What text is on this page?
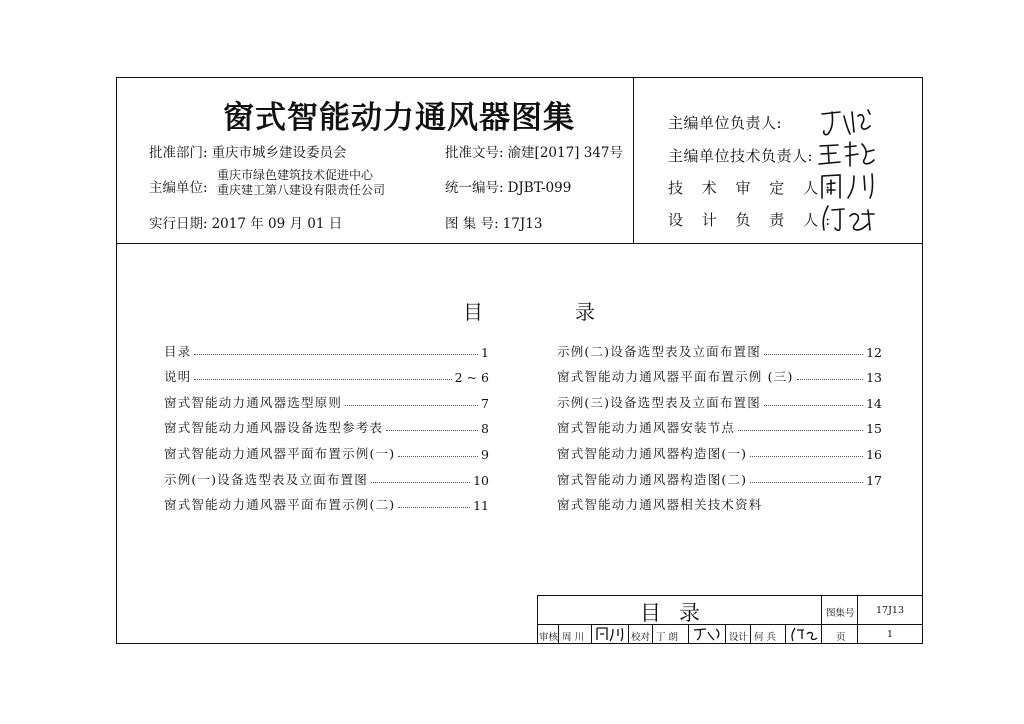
窗式智能动力通风器图集
批准部门: 重庆市城乡建设委员会	批准文号: 渝建[2017] 347号
主编单位:
重庆市绿色建筑技术促进中心
重庆建工第八建设有限责任公司	统一编号: DJBT-099
实行日期: 2017 年 09 月 01 日	图 集 号: 17J13
主编单位负责人:
主编单位技术负责人:
技 术 审 定 人:
设 计 负 责 人:
目	录
目录	1
说明	2 ~ 6
窗式智能动力通风器选型原则	7
窗式智能动力通风器设备选型参考表	8
窗式智能动力通风器平面布置示例(一)	9
示例(一)设备选型表及立面布置图	10
窗式智能动力通风器平面布置示例(二)	11
示例(二)设备选型表及立面布置图	12
窗式智能动力通风器平面布置示例 (三)	13
示例(三)设备选型表及立面布置图	14
窗式智能动力通风器安装节点	15
窗式智能动力通风器构造图(一)	16
窗式智能动力通风器构造图(二)	17
窗式智能动力通风器相关技术资料
目录	图集号 17J13
审核 周 川	校对 丁 朗	设计 何 兵	页	1
